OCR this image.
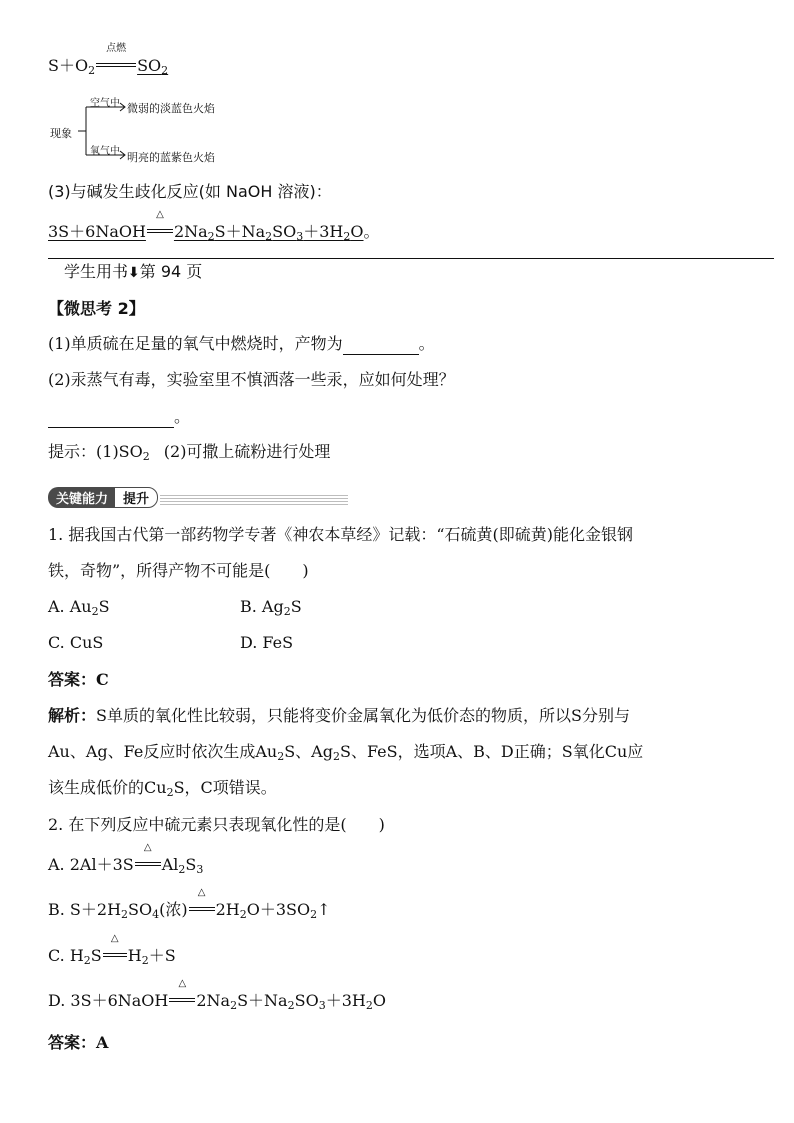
$S+O_2$
点燃
$SO_2$
现象
空气中 微弱的淡蓝色火焰
氧气中 明亮的蓝紫色火焰
(3)与碱发生歧化反应(如 NaOH 溶液)：
3S＋6NaOH
△
$2Na_2S+Na_2SO_3+3H_2O$。
学生用书⬇第 94 页
【微思考 2】
(1)单质硫在足量的氧气中燃烧时，产物为	。
(2)汞蒸气有毒，实验室里不慎洒落一些汞，应如何处理？
。
提示：$(1)SO_2$ (2)可撒上硫粉进行处理
关键能力 提升
1. 据我国古代第一部药物学专著《神农本草经》记载：“石硫黄(即硫黄)能化金银钢
铁，奇物”，所得产物不可能是(　　)
A. $Au_2S$	B. $Ag_2S$
C. CuS	D. FeS
答案：C
解析：S单质的氧化性比较弱，只能将变价金属氧化为低价态的物质，所以S分别与
Au、Ag、Fe反应时依次生成$Au_2S$、$Ag_2S$、FeS，选项A、B、D正确；S氧化Cu应
该生成低价的$Cu_2S$，C项错误。
2. 在下列反应中硫元素只表现氧化性的是(　　)
A. 2Al＋3S
△
$Al_2S_3$
B. $S+2H_2SO_4$(浓)
△
$2H_2O+3SO_2↑$
C. $H_2S$
△
$H_2+S$
D. 3S＋6NaOH
△
$2Na_2S+Na_2SO_3+3H_2O$
答案：A
